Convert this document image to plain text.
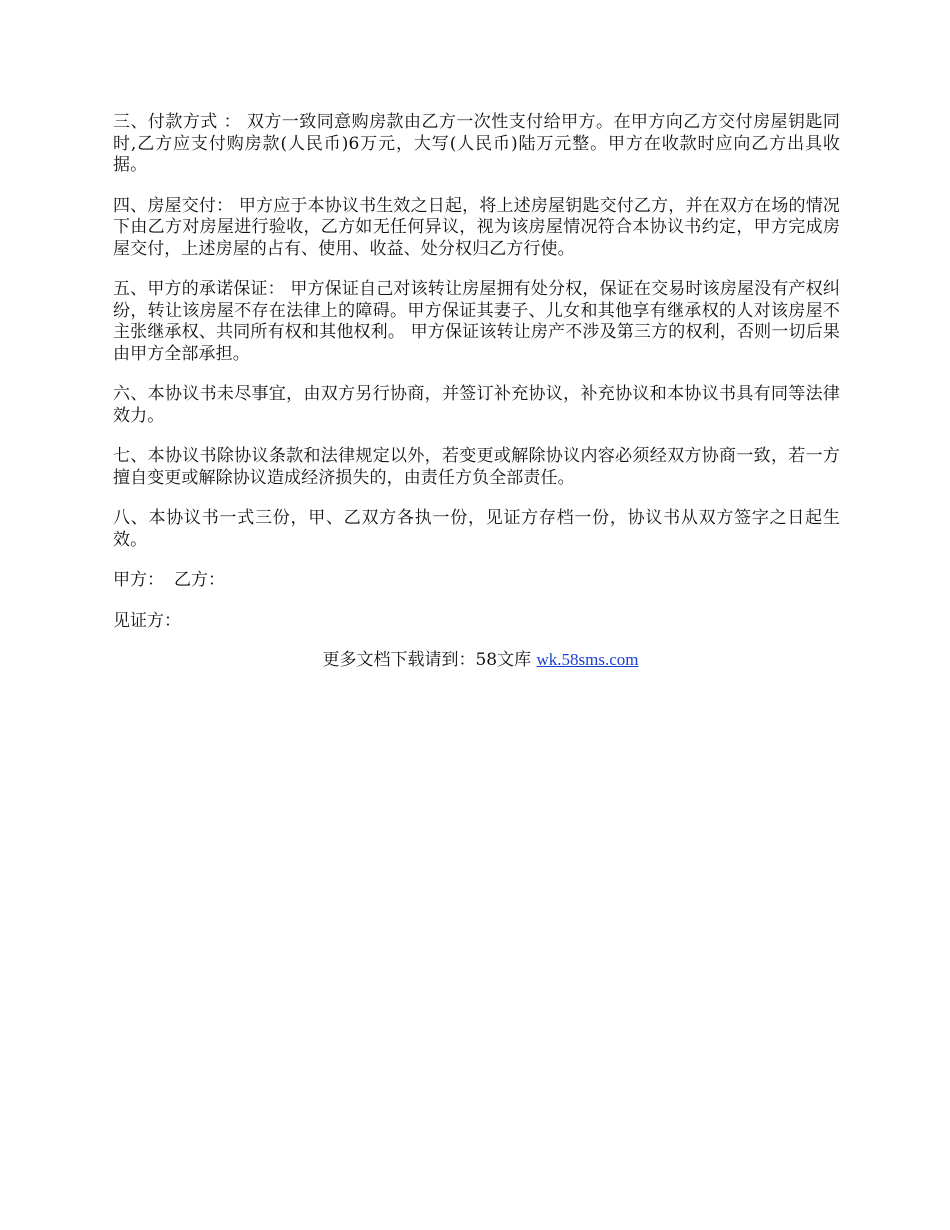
三、付款方式 ： 双方一致同意购房款由乙方一次性支付给甲方。在甲方向乙方交付房屋钥匙同时,乙方应支付购房款(人民币)6万元，大写(人民币)陆万元整。甲方在收款时应向乙方出具收据。

四、房屋交付： 甲方应于本协议书生效之日起，将上述房屋钥匙交付乙方，并在双方在场的情况下由乙方对房屋进行验收，乙方如无任何异议，视为该房屋情况符合本协议书约定，甲方完成房屋交付，上述房屋的占有、使用、收益、处分权归乙方行使。

五、甲方的承诺保证： 甲方保证自己对该转让房屋拥有处分权，保证在交易时该房屋没有产权纠纷，转让该房屋不存在法律上的障碍。甲方保证其妻子、儿女和其他享有继承权的人对该房屋不主张继承权、共同所有权和其他权利。 甲方保证该转让房产不涉及第三方的权利，否则一切后果由甲方全部承担。

六、本协议书未尽事宜，由双方另行协商，并签订补充协议，补充协议和本协议书具有同等法律效力。

七、本协议书除协议条款和法律规定以外，若变更或解除协议内容必须经双方协商一致，若一方擅自变更或解除协议造成经济损失的，由责任方负全部责任。

八、本协议书一式三份，甲、乙双方各执一份，见证方存档一份，协议书从双方签字之日起生效。

甲方： 乙方：
见证方：
更多文档下载请到：58文库 wk.58sms.com
